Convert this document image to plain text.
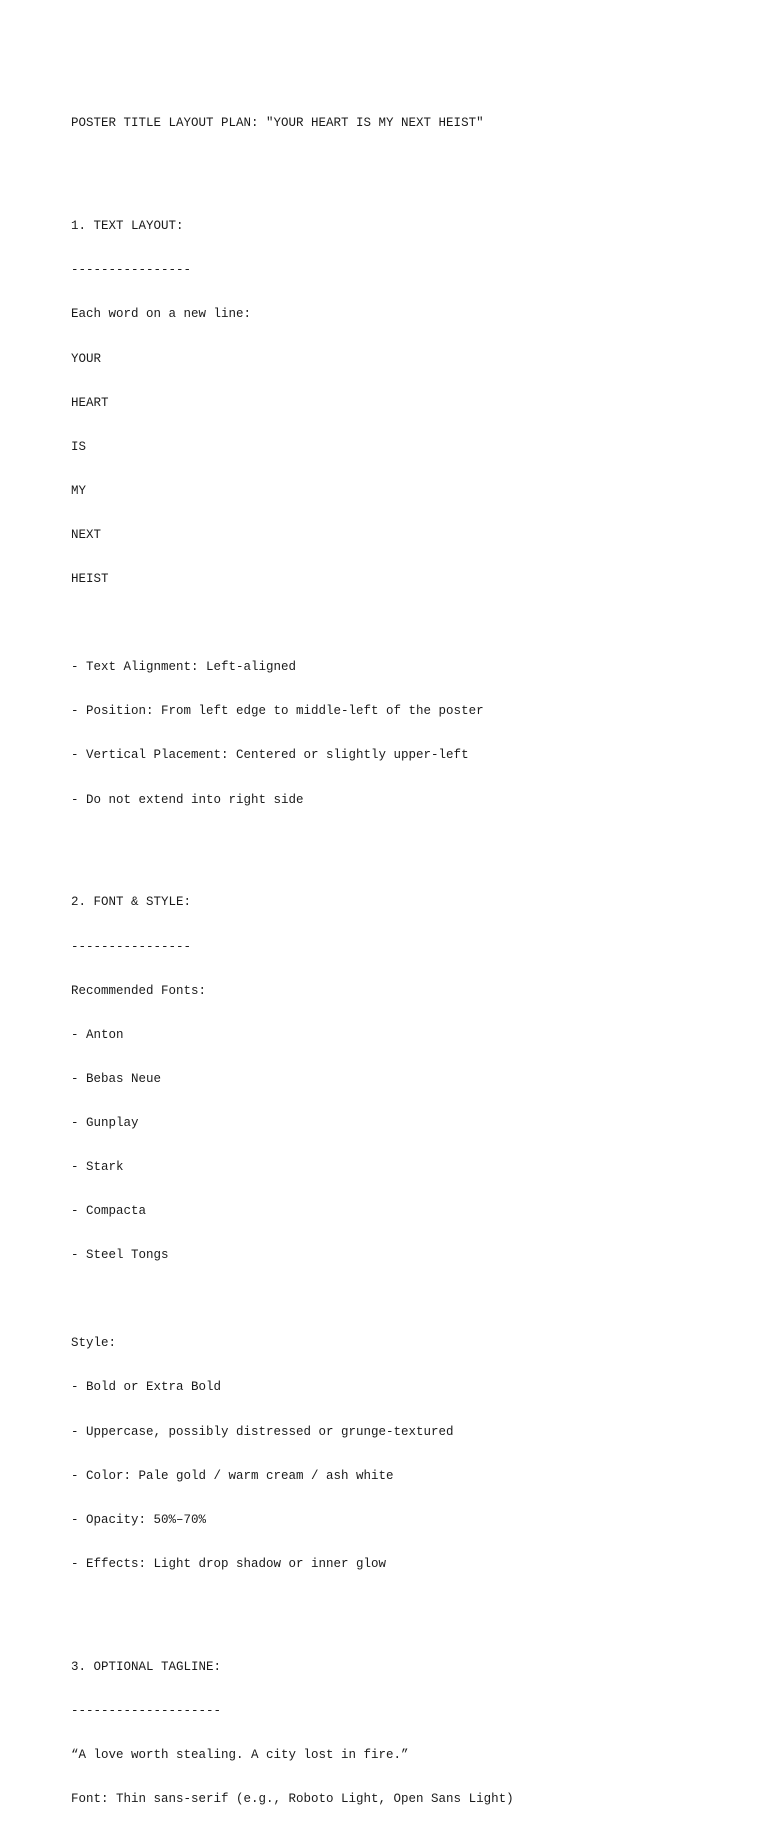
POSTER TITLE LAYOUT PLAN: "YOUR HEART IS MY NEXT HEIST"

1. TEXT LAYOUT:

----------------

Each word on a new line:

YOUR

HEART

IS

MY

NEXT

HEIST

- Text Alignment: Left-aligned

- Position: From left edge to middle-left of the poster

- Vertical Placement: Centered or slightly upper-left

- Do not extend into right side

2. FONT & STYLE:

----------------

Recommended Fonts:

- Anton

- Bebas Neue

- Gunplay

- Stark

- Compacta

- Steel Tongs

Style:

- Bold or Extra Bold

- Uppercase, possibly distressed or grunge-textured

- Color: Pale gold / warm cream / ash white

- Opacity: 50%–70%

- Effects: Light drop shadow or inner glow

3. OPTIONAL TAGLINE:

--------------------

“A love worth stealing. A city lost in fire.”

Font: Thin sans-serif (e.g., Roboto Light, Open Sans Light)
